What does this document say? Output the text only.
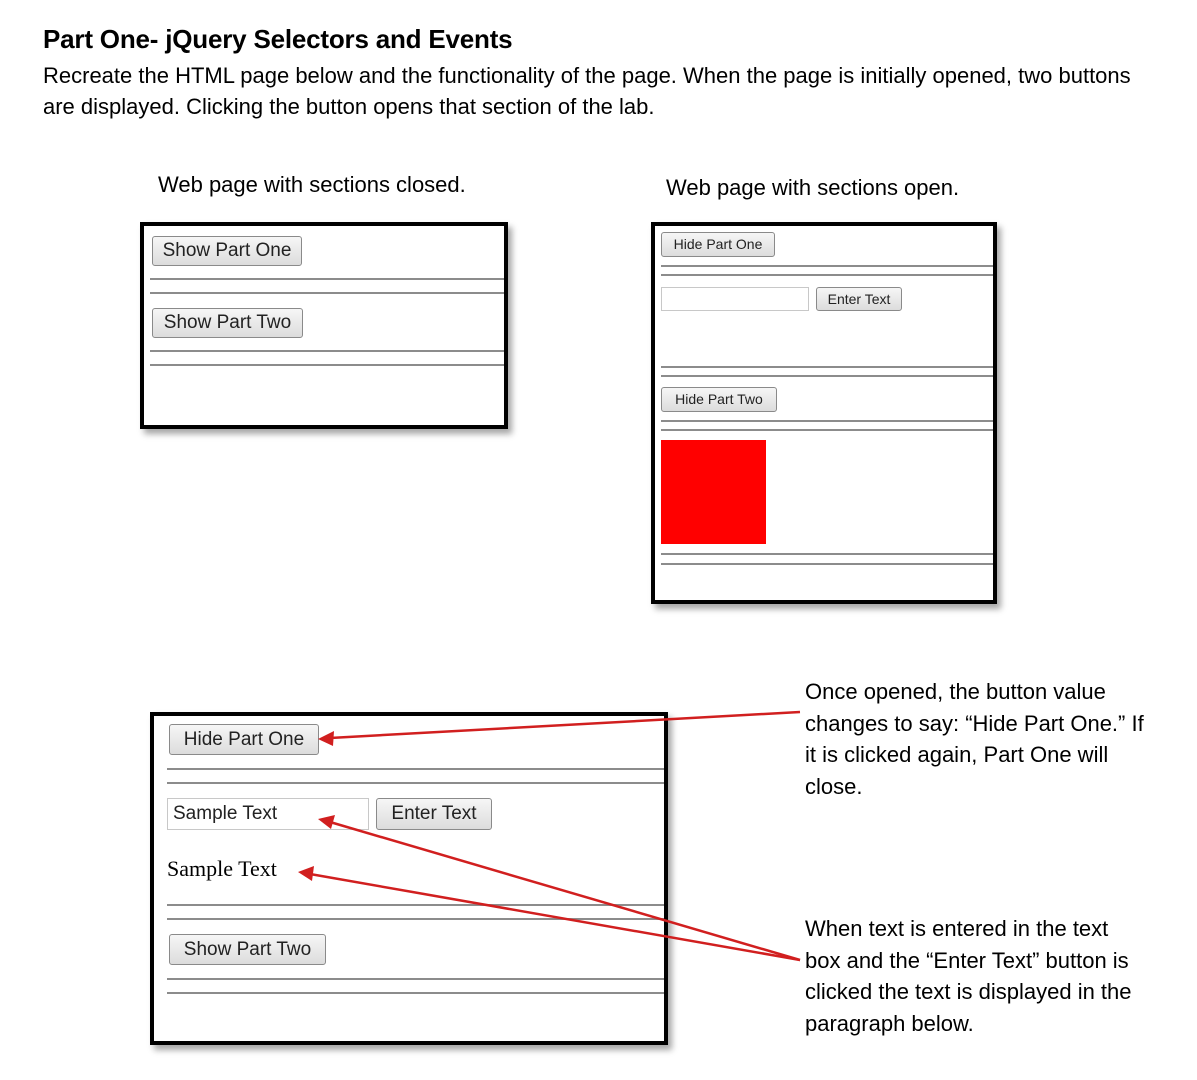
Part One- jQuery Selectors and Events
Recreate the HTML page below and the functionality of the page. When the page is initially opened, two buttons are displayed. Clicking the button opens that section of the lab.
Web page with sections closed.
Show Part One
Show Part Two
Web page with sections open.
Hide Part One
Enter Text
Hide Part Two
Hide Part One
Sample Text	Enter Text
Sample Text
Show Part Two
Once opened, the button value changes to say: “Hide Part One.” If it is clicked again, Part One will close.
When text is entered in the text box and the “Enter Text” button is clicked the text is displayed in the paragraph below.
